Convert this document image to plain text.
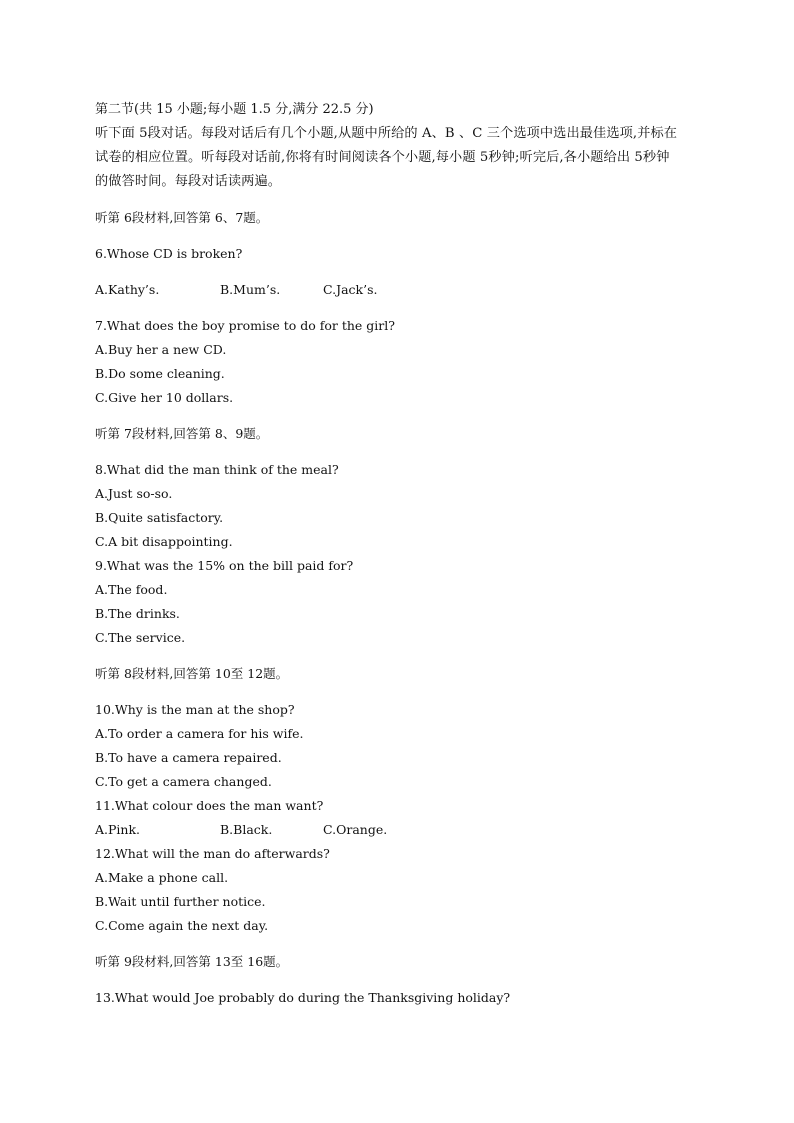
第二节(共 15 小题;每小题 1.5 分,满分 22.5 分)
听下面 5段对话。每段对话后有几个小题,从题中所给的 A、B 、C 三个选项中选出最佳选项,并标在
试卷的相应位置。听每段对话前,你将有时间阅读各个小题,每小题 5秒钟;听完后,各小题给出 5秒钟
的做答时间。每段对话读两遍。
听第 6段材料,回答第 6、7题。
6.Whose CD is broken?
A.Kathy’s.	B.Mum’s.	C.Jack’s.
7.What does the boy promise to do for the girl?
A.Buy her a new CD.
B.Do some cleaning.
C.Give her 10 dollars.
听第 7段材料,回答第 8、9题。
8.What did the man think of the meal?
A.Just so-so.
B.Quite satisfactory.
C.A bit disappointing.
9.What was the 15% on the bill paid for?
A.The food.
B.The drinks.
C.The service.
听第 8段材料,回答第 10至 12题。
10.Why is the man at the shop?
A.To order a camera for his wife.
B.To have a camera repaired.
C.To get a camera changed.
11.What colour does the man want?
A.Pink.	B.Black.	C.Orange.
12.What will the man do afterwards?
A.Make a phone call.
B.Wait until further notice.
C.Come again the next day.
听第 9段材料,回答第 13至 16题。
13.What would Joe probably do during the Thanksgiving holiday?
